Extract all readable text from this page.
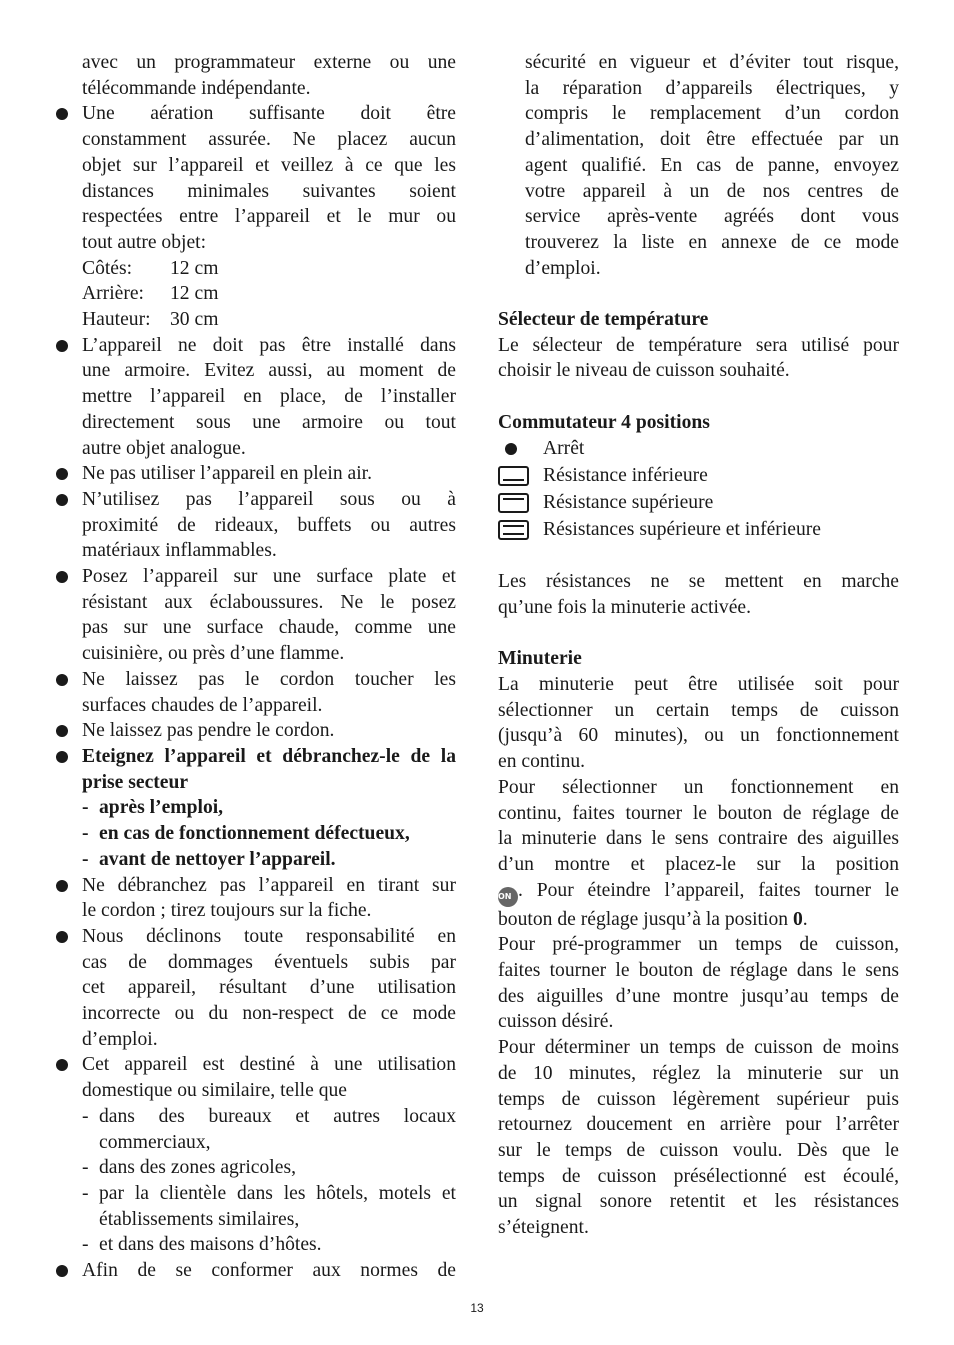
avec un programmateur externe ou une

télécommande indépendante.

Une aération suffisante doit être

constamment assurée. Ne placez aucun

objet sur l’appareil et veillez à ce que les

distances minimales suivantes soient

respectées entre l’appareil et le mur ou

tout autre objet:

Côtés:	12 cm
Arrière:	12 cm
Hauteur: 30 cm

L’appareil ne doit pas être installé dans

une armoire. Evitez aussi, au moment de

mettre l’appareil en place, de l’installer

directement sous une armoire ou tout

autre objet analogue.

Ne pas utiliser l’appareil en plein air.

N’utilisez pas l’appareil sous ou à

proximité de rideaux, buffets ou autres

matériaux inflammables.

Posez l’appareil sur une surface plate et

résistant aux éclaboussures. Ne le posez

pas sur une surface chaude, comme une

cuisinière, ou près d’une flamme.

Ne laissez pas le cordon toucher les

surfaces chaudes de l’appareil.

Ne laissez pas pendre le cordon.

Eteignez l’appareil et débranchez-le de la

prise secteur

- après l’emploi,

- en cas de fonctionnement défectueux,

- avant de nettoyer l’appareil.

Ne débranchez pas l’appareil en tirant sur

le cordon ; tirez toujours sur la fiche.

Nous déclinons toute responsabilité en

cas de dommages éventuels subis par

cet appareil, résultant d’une utilisation

incorrecte ou du non-respect de ce mode

d’emploi.

Cet appareil est destiné à une utilisation

domestique ou similaire, telle que

- dans des bureaux et autres locaux

commerciaux,

- dans des zones agricoles,

- par la clientèle dans les hôtels, motels et

établissements similaires,

- et dans des maisons d’hôtes.

Afin de se conformer aux normes de

sécurité en vigueur et d’éviter tout risque,

la réparation d’appareils électriques, y

compris le remplacement d’un cordon

d’alimentation, doit être effectuée par un

agent qualifié. En cas de panne, envoyez

votre appareil à un de nos centres de

service après-vente agréés dont vous

trouverez la liste en annexe de ce mode

d’emploi.

Sélecteur de température

Le sélecteur de température sera utilisé pour

choisir le niveau de cuisson souhaité.

Commutateur 4 positions

Arrêt
Résistance inférieure
Résistance supérieure
Résistances supérieure et inférieure

Les résistances ne se mettent en marche

qu’une fois la minuterie activée.

Minuterie

La minuterie peut être utilisée soit pour

sélectionner un certain temps de cuisson

(jusqu’à 60 minutes), ou un fonctionnement

en continu.

Pour sélectionner un fonctionnement en

continu, faites tourner le bouton de réglage de

la minuterie dans le sens contraire des aiguilles

d’un montre et placez-le sur la position

ON . Pour éteindre l’appareil, faites tourner le

bouton de réglage jusqu’à la position 0.

Pour pré-programmer un temps de cuisson,

faites tourner le bouton de réglage dans le sens

des aiguilles d’une montre jusqu’au temps de

cuisson désiré.

Pour déterminer un temps de cuisson de moins

de 10 minutes, réglez la minuterie sur un

temps de cuisson légèrement supérieur puis

retournez doucement en arrière pour l’arrêter

sur le temps de cuisson voulu. Dès que le

temps de cuisson présélectionné est écoulé,

un signal sonore retentit et les résistances

s’éteignent.

13
